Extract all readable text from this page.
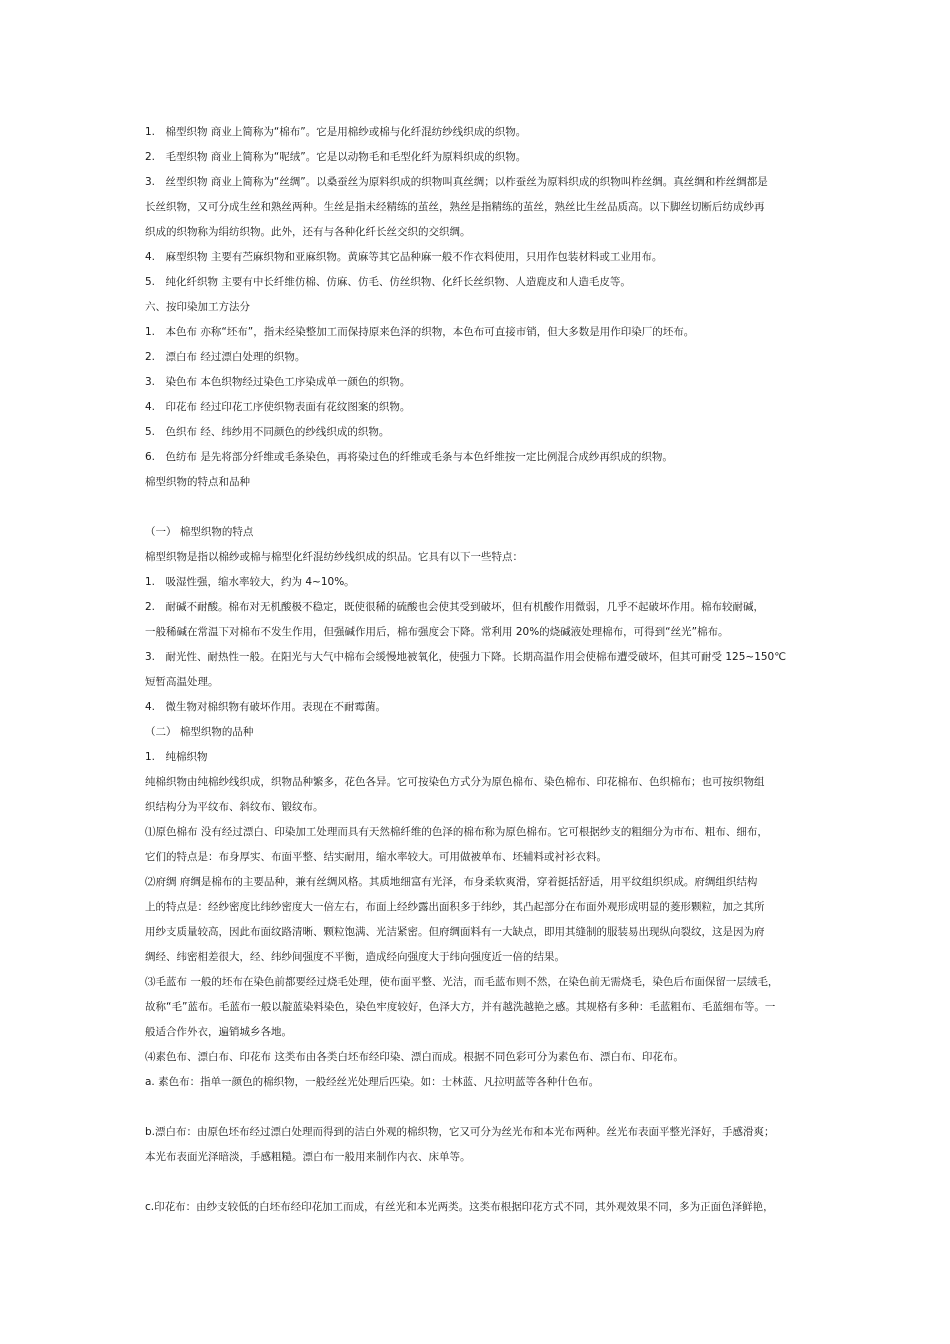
1.　棉型织物 商业上简称为“棉布”。它是用棉纱或棉与化纤混纺纱线织成的织物。
2.　毛型织物 商业上简称为“呢绒”。它是以动物毛和毛型化纤为原料织成的织物。
3.　丝型织物 商业上简称为“丝绸”。以桑蚕丝为原料织成的织物叫真丝绸；以柞蚕丝为原料织成的织物叫柞丝绸。真丝绸和柞丝绸都是
长丝织物，又可分成生丝和熟丝两种。生丝是指未经精练的茧丝，熟丝是指精练的茧丝，熟丝比生丝品质高。以下脚丝切断后纺成纱再
织成的织物称为绢纺织物。此外，还有与各种化纤长丝交织的交织绸。
4.　麻型织物 主要有苎麻织物和亚麻织物。黄麻等其它品种麻一般不作衣料使用，只用作包装材料或工业用布。
5.　纯化纤织物 主要有中长纤维仿棉、仿麻、仿毛、仿丝织物、化纤长丝织物、人造鹿皮和人造毛皮等。
六、按印染加工方法分
1.　本色布 亦称“坯布”，指未经染整加工而保持原来色泽的织物，本色布可直接市销，但大多数是用作印染厂的坯布。
2.　漂白布 经过漂白处理的织物。
3.　染色布 本色织物经过染色工序染成单一颜色的织物。
4.　印花布 经过印花工序使织物表面有花纹图案的织物。
5.　色织布 经、纬纱用不同颜色的纱线织成的织物。
6.　色纺布 是先将部分纤维或毛条染色，再将染过色的纤维或毛条与本色纤维按一定比例混合成纱再织成的织物。
棉型织物的特点和品种
（一） 棉型织物的特点
棉型织物是指以棉纱或棉与棉型化纤混纺纱线织成的织品。它具有以下一些特点：
1.　吸湿性强，缩水率较大，约为 4~10%。
2.　耐碱不耐酸。棉布对无机酸极不稳定，既使很稀的硫酸也会使其受到破坏，但有机酸作用微弱，几乎不起破坏作用。棉布较耐碱，
一般稀碱在常温下对棉布不发生作用，但强碱作用后，棉布强度会下降。常利用 20%的烧碱液处理棉布，可得到“丝光”棉布。
3.　耐光性、耐热性一般。在阳光与大气中棉布会缓慢地被氧化，使强力下降。长期高温作用会使棉布遭受破坏，但其可耐受 125~150℃
短暂高温处理。
4.　微生物对棉织物有破坏作用。表现在不耐霉菌。
（二） 棉型织物的品种
1.　纯棉织物
纯棉织物由纯棉纱线织成，织物品种繁多，花色各异。它可按染色方式分为原色棉布、染色棉布、印花棉布、色织棉布；也可按织物组
织结构分为平纹布、斜纹布、锻纹布。
⑴原色棉布 没有经过漂白、印染加工处理而具有天然棉纤维的色泽的棉布称为原色棉布。它可根据纱支的粗细分为市布、粗布、细布，
它们的特点是：布身厚实、布面平整、结实耐用，缩水率较大。可用做被单布、坯辅料或衬衫衣料。
⑵府绸 府绸是棉布的主要品种，兼有丝绸风格。其质地细富有光泽，布身柔软爽滑，穿着挺括舒适，用平纹组织织成。府绸组织结构
上的特点是：经纱密度比纬纱密度大一倍左右，布面上经纱露出面积多于纬纱，其凸起部分在布面外观形成明显的菱形颗粒，加之其所
用纱支质量较高，因此布面纹路清晰、颗粒饱满、光洁紧密。但府绸面料有一大缺点，即用其缝制的服装易出现纵向裂纹，这是因为府
绸经、纬密相差很大，经、纬纱间强度不平衡，造成经向强度大于纬向强度近一倍的结果。
⑶毛蓝布 一般的坯布在染色前都要经过烧毛处理，使布面平整、光洁，而毛蓝布则不然，在染色前无需烧毛，染色后布面保留一层绒毛，
故称“毛”蓝布。毛蓝布一般以靛蓝染料染色，染色牢度较好，色泽大方，并有越洗越艳之感。其规格有多种：毛蓝粗布、毛蓝细布等。一
般适合作外衣，遍销城乡各地。
⑷素色布、漂白布、印花布 这类布由各类白坯布经印染、漂白而成。根据不同色彩可分为素色布、漂白布、印花布。
a. 素色布：指单一颜色的棉织物，一般经丝光处理后匹染。如：士林蓝、凡拉明蓝等各种什色布。
b.漂白布：由原色坯布经过漂白处理而得到的洁白外观的棉织物，它又可分为丝光布和本光布两种。丝光布表面平整光泽好，手感滑爽；
本光布表面光泽暗淡，手感粗糙。漂白布一般用来制作内衣、床单等。
c.印花布：由纱支较低的白坯布经印花加工而成，有丝光和本光两类。这类布根据印花方式不同，其外观效果不同，多为正面色泽鲜艳，
